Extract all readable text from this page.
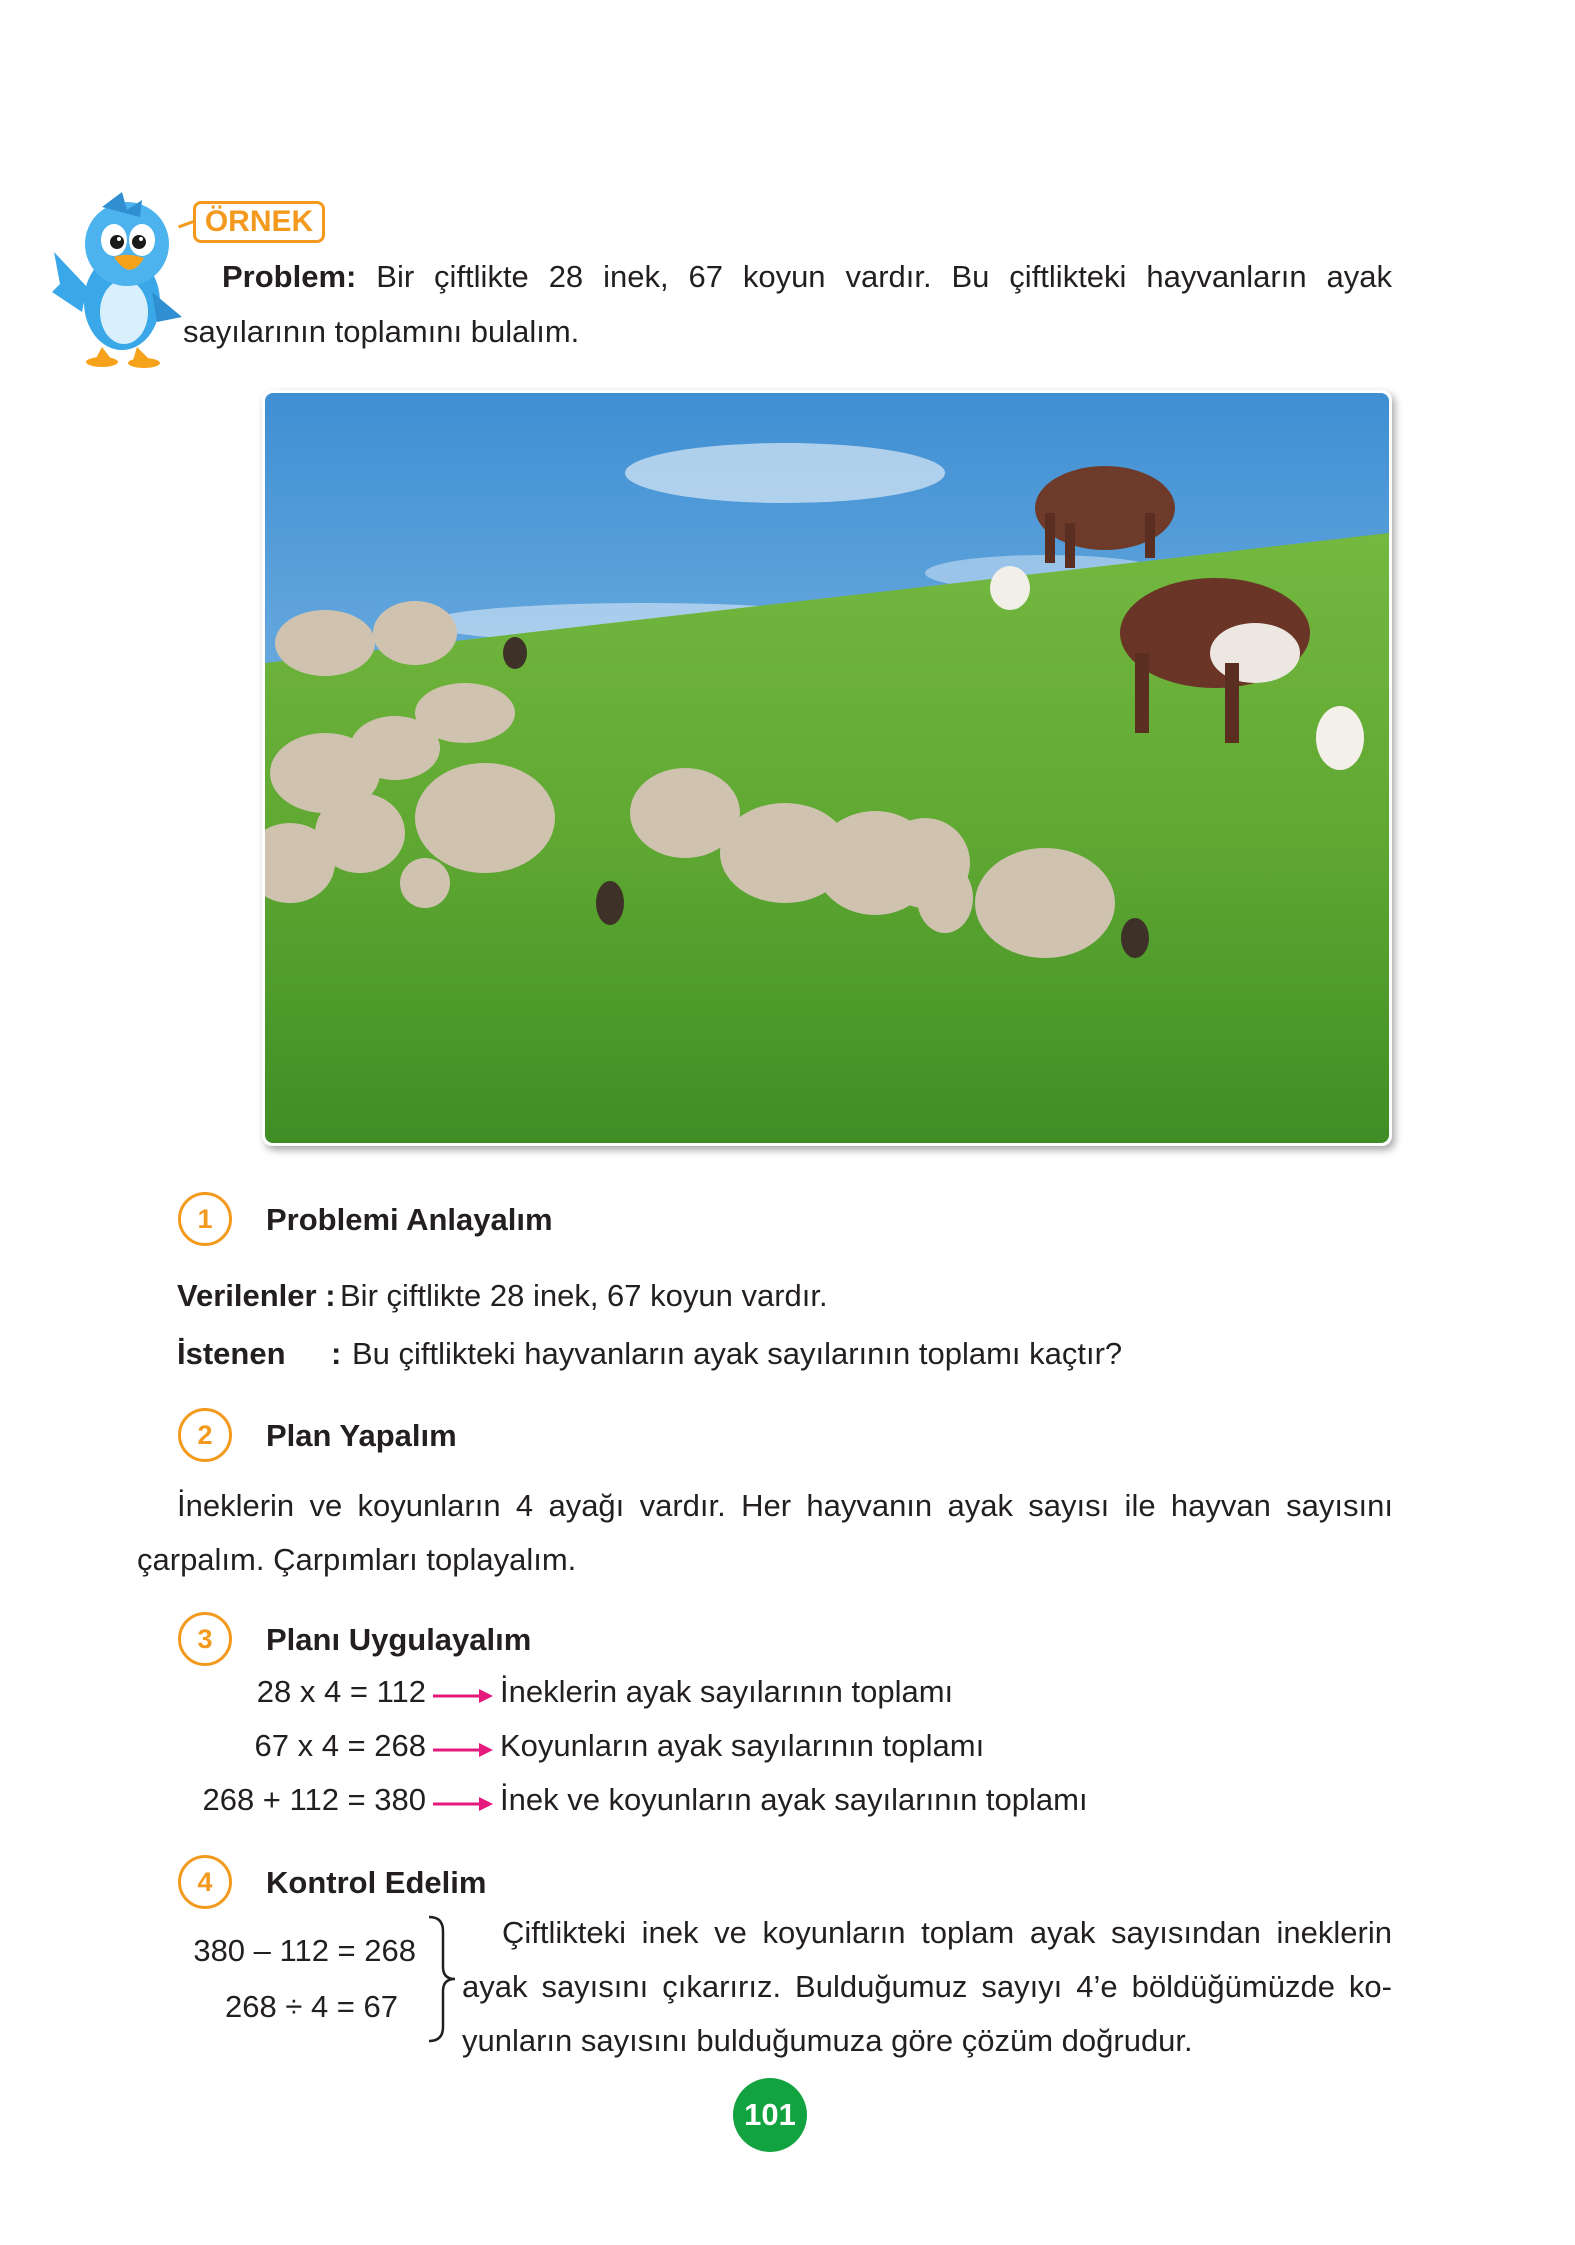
ÖRNEK
Problem: Bir çiftlikte 28 inek, 67 koyun vardır. Bu çiftlikteki hayvanların ayak
sayılarının toplamını bulalım.
1	Problemi Anlayalım
Verilenler : Bir çiftlikte 28 inek, 67 koyun vardır.
İstenen : Bu çiftlikteki hayvanların ayak sayılarının toplamı kaçtır?
2	Plan Yapalım
İneklerin ve koyunların 4 ayağı vardır. Her hayvanın ayak sayısı ile hayvan sayısını
çarpalım. Çarpımları toplayalım.
3	Planı Uygulayalım
28 x 4 = 112 İneklerin ayak sayılarının toplamı
67 x 4 = 268 Koyunların ayak sayılarının toplamı
268 + 112 = 380 İnek ve koyunların ayak sayılarının toplamı
4	Kontrol Edelim
380 – 112 = 268
268 ÷ 4 = 67
Çiftlikteki inek ve koyunların toplam ayak sayısından ineklerin
ayak sayısını çıkarırız. Bulduğumuz sayıyı 4’e böldüğümüzde ko-
yunların sayısını bulduğumuza göre çözüm doğrudur.
101
